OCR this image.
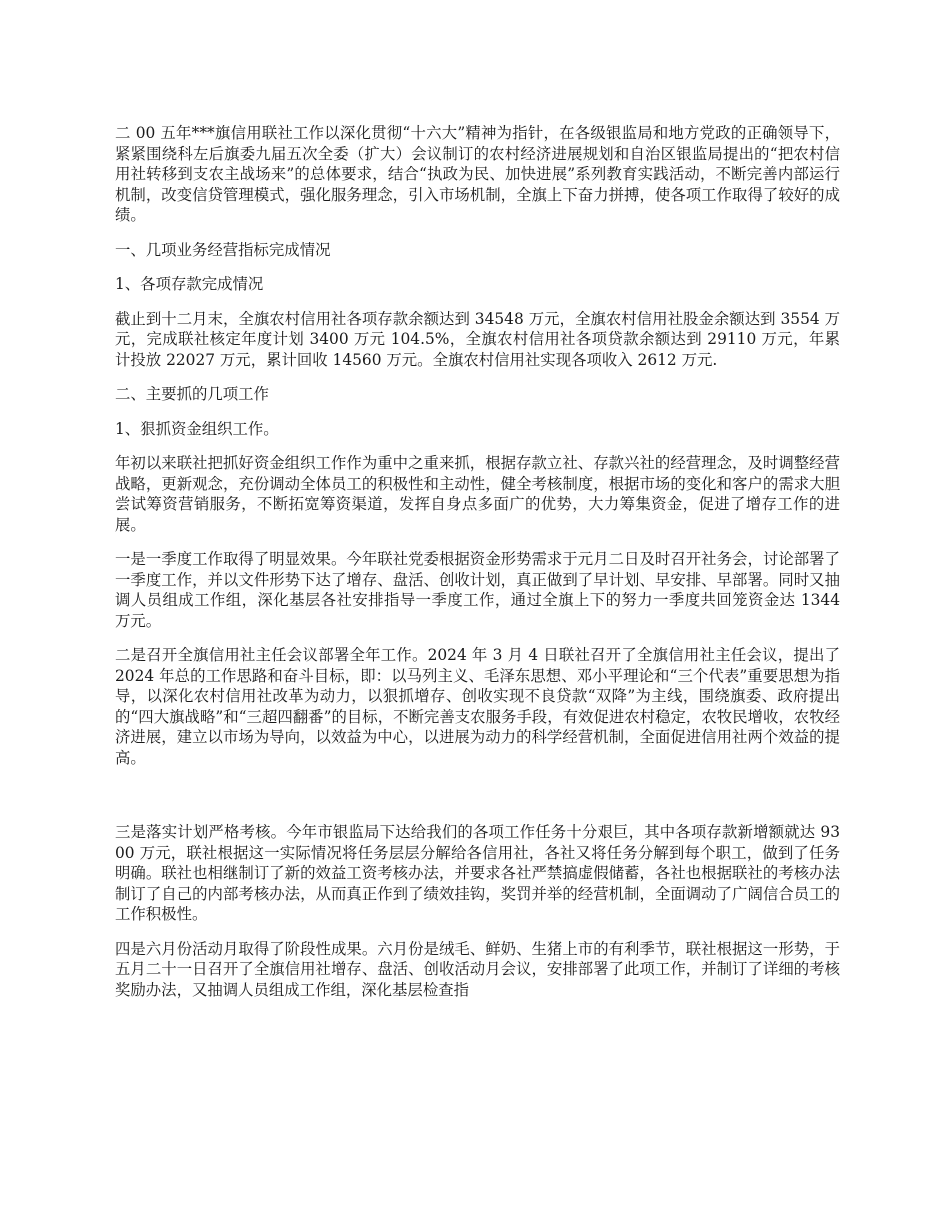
二 00 五年***旗信用联社工作以深化贯彻“十六大”精神为指针，在各级银监局和地方党政的正确领导下，紧紧围绕科左后旗委九届五次全委（扩大）会议制订的农村经济进展规划和自治区银监局提出的“把农村信用社转移到支农主战场来”的总体要求，结合“执政为民、加快进展”系列教育实践活动，不断完善内部运行机制，改变信贷管理模式，强化服务理念，引入市场机制，全旗上下奋力拼搏，使各项工作取得了较好的成绩。

一、几项业务经营指标完成情况

1、各项存款完成情况

截止到十二月末，全旗农村信用社各项存款余额达到 34548 万元，全旗农村信用社股金余额达到 3554 万元，完成联社核定年度计划 3400 万元 104.5%，全旗农村信用社各项贷款余额达到 29110 万元，年累计投放 22027 万元，累计回收 14560 万元。全旗农村信用社实现各项收入 2612 万元.

二、主要抓的几项工作

1、狠抓资金组织工作。

年初以来联社把抓好资金组织工作作为重中之重来抓，根据存款立社、存款兴社的经营理念，及时调整经营战略，更新观念，充份调动全体员工的积极性和主动性，健全考核制度，根据市场的变化和客户的需求大胆尝试筹资营销服务，不断拓宽筹资渠道，发挥自身点多面广的优势，大力筹集资金，促进了增存工作的进展。

一是一季度工作取得了明显效果。今年联社党委根据资金形势需求于元月二日及时召开社务会，讨论部署了一季度工作，并以文件形势下达了增存、盘活、创收计划，真正做到了早计划、早安排、早部署。同时又抽调人员组成工作组，深化基层各社安排指导一季度工作，通过全旗上下的努力一季度共回笼资金达 1344 万元。

二是召开全旗信用社主任会议部署全年工作。2024 年 3 月 4 日联社召开了全旗信用社主任会议，提出了 2024 年总的工作思路和奋斗目标，即：以马列主义、毛泽东思想、邓小平理论和“三个代表”重要思想为指导，以深化农村信用社改革为动力，以狠抓增存、创收实现不良贷款“双降”为主线，围绕旗委、政府提出的“四大旗战略”和“三超四翻番”的目标，不断完善支农服务手段，有效促进农村稳定，农牧民增收，农牧经济进展，建立以市场为导向，以效益为中心，以进展为动力的科学经营机制，全面促进信用社两个效益的提高。

三是落实计划严格考核。今年市银监局下达给我们的各项工作任务十分艰巨，其中各项存款新增额就达 9300 万元，联社根据这一实际情况将任务层层分解给各信用社，各社又将任务分解到每个职工，做到了任务明确。联社也相继制订了新的效益工资考核办法，并要求各社严禁搞虚假储蓄，各社也根据联社的考核办法制订了自己的内部考核办法，从而真正作到了绩效挂钩，奖罚并举的经营机制，全面调动了广阔信合员工的工作积极性。

四是六月份活动月取得了阶段性成果。六月份是绒毛、鲜奶、生猪上市的有利季节，联社根据这一形势，于五月二十一日召开了全旗信用社增存、盘活、创收活动月会议，安排部署了此项工作，并制订了详细的考核奖励办法，又抽调人员组成工作组，深化基层检查指
